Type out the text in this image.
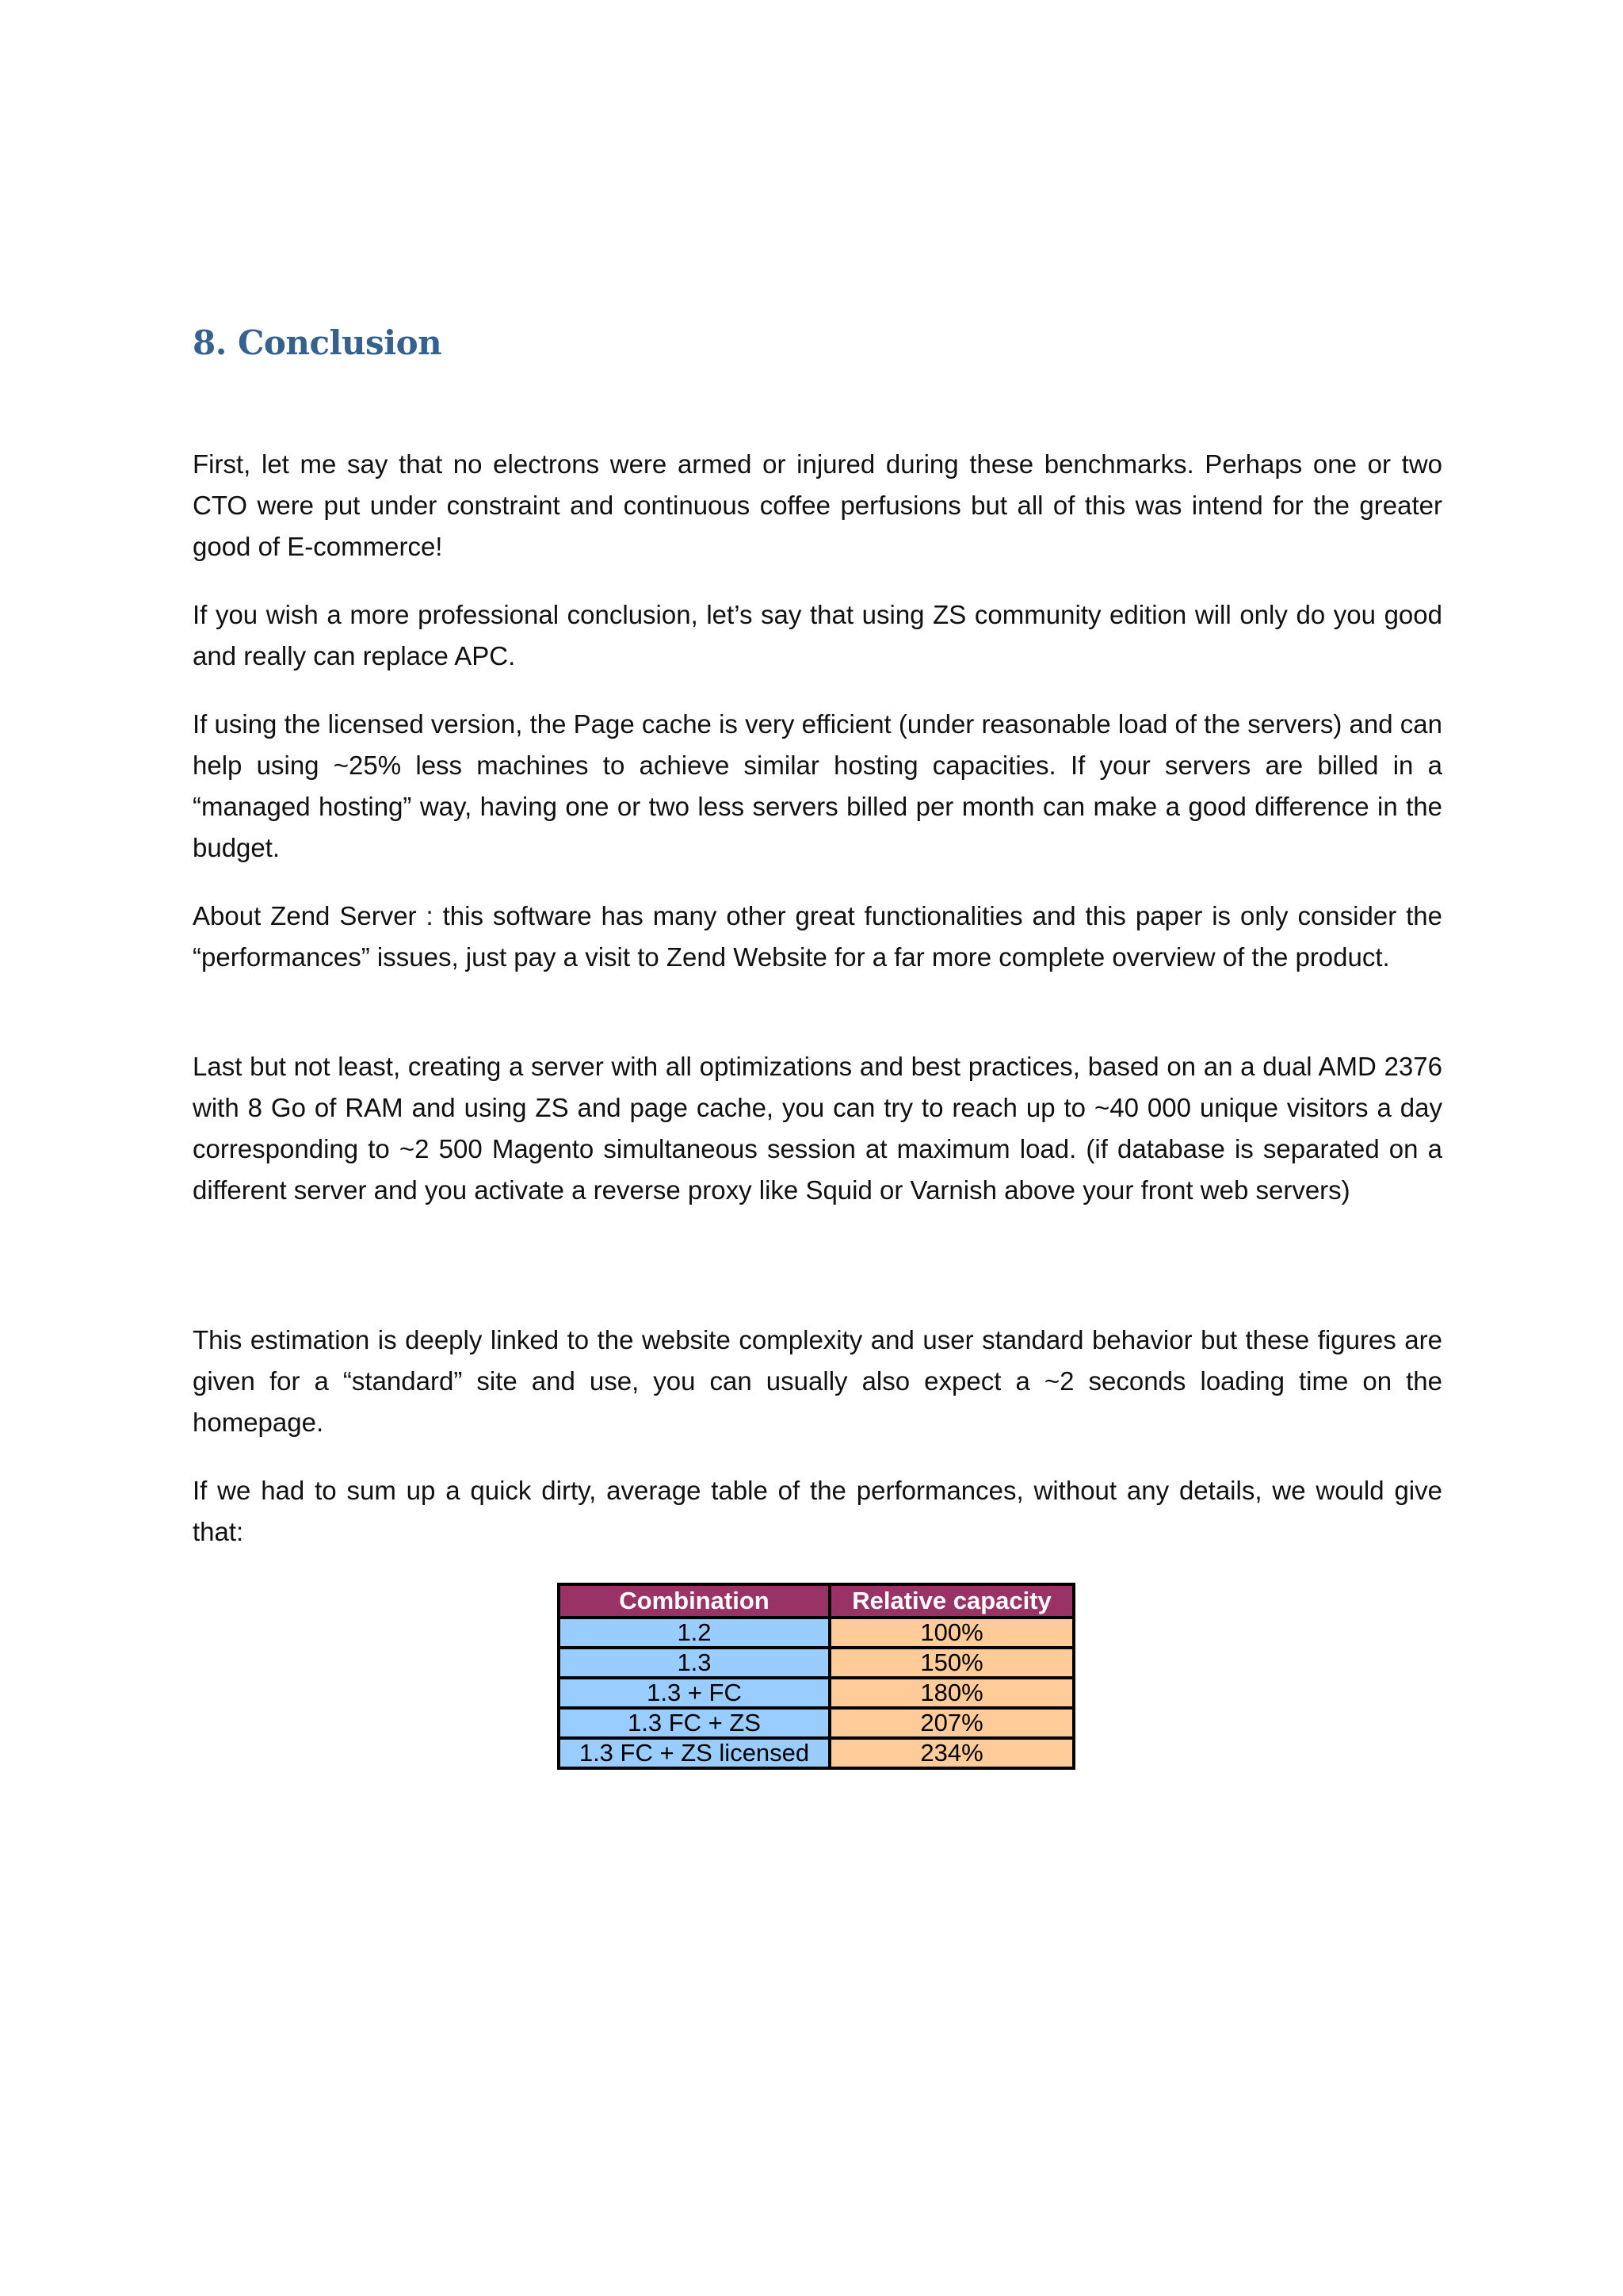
8. Conclusion

First, let me say that no electrons were armed or injured during these benchmarks. Perhaps one or two CTO were put under constraint and continuous coffee perfusions but all of this was intend for the greater good of E-commerce!

If you wish a more professional conclusion, let’s say that using ZS community edition will only do you good and really can replace APC.

If using the licensed version, the Page cache is very efficient (under reasonable load of the servers) and can help using ~25% less machines to achieve similar hosting capacities. If your servers are billed in a “managed hosting” way, having one or two less servers billed per month can make a good difference in the budget.

About Zend Server : this software has many other great functionalities and this paper is only consider the “performances” issues, just pay a visit to Zend Website for a far more complete overview of the product.

Last but not least, creating a server with all optimizations and best practices, based on an a dual AMD 2376 with 8 Go of RAM and using ZS and page cache, you can try to reach up to ~40 000 unique visitors a day corresponding to ~2 500 Magento simultaneous session at maximum load. (if database is separated on a different server and you activate a reverse proxy like Squid or Varnish above your front web servers)

This estimation is deeply linked to the website complexity and user standard behavior but these figures are given for a “standard” site and use, you can usually also expect a ~2 seconds loading time on the homepage.

If we had to sum up a quick dirty, average table of the performances, without any details, we would give that:

Combination	Relative capacity
1.2	100%
1.3	150%
1.3 + FC	180%
1.3 FC + ZS	207%
1.3 FC + ZS licensed	234%
